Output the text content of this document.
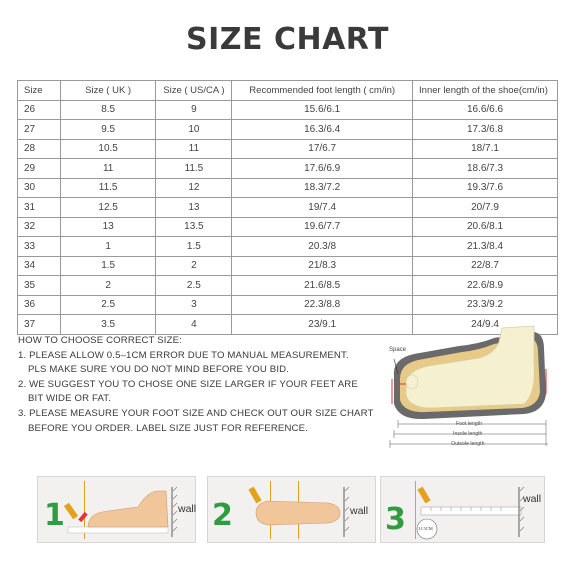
SIZE CHART
Size	Size ( UK )	Size ( US/CA )	Recommended foot length ( cm/in)	Inner length of the shoe(cm/in)
26	8.5	9	15.6/6.1	16.6/6.6
27	9.5	10	16.3/6.4	17.3/6.8
28	10.5	11	17/6.7	18/7.1
29	11	11.5	17.6/6.9	18.6/7.3
30	11.5	12	18.3/7.2	19.3/7.6
31	12.5	13	19/7.4	20/7.9
32	13	13.5	19.6/7.7	20.6/8.1
33	1	1.5	20.3/8	21.3/8.4
34	1.5	2	21/8.3	22/8.7
35	2	2.5	21.6/8.5	22.6/8.9
36	2.5	3	22.3/8.8	23.3/9.2
37	3.5	4	23/9.1	24/9.4
HOW TO CHOOSE CORRECT SIZE:
1. PLEASE ALLOW 0.5–1CM ERROR DUE TO MANUAL MEASUREMENT.
PLS MAKE SURE YOU DO NOT MIND BEFORE YOU BID.
2. WE SUGGEST YOU TO CHOSE ONE SIZE LARGER IF YOUR FEET ARE
BIT WIDE OR FAT.
3. PLEASE MEASURE YOUR FOOT SIZE AND CHECK OUT OUR SIZE CHART
BEFORE YOU ORDER. LABEL SIZE JUST FOR REFERENCE.
Space
Foot length
Insole length
Outsole length
1	wall 2	wall 3	11.5CM
wall
